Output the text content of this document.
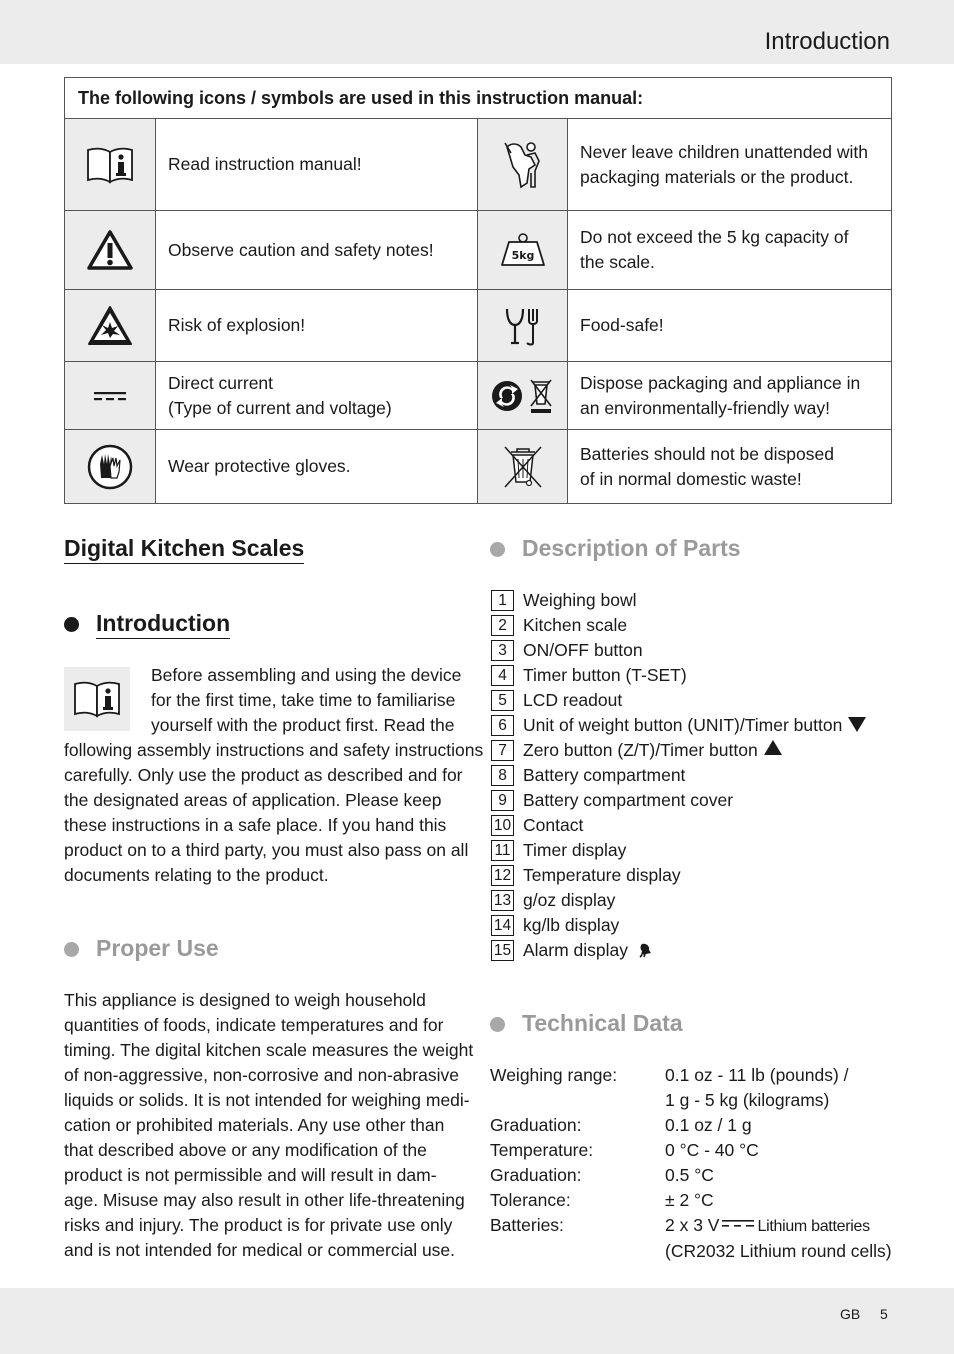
Introduction
The following icons / symbols are used in this instruction manual:			

Read instruction manual!		Never leave children unattended with
packaging materials or the product.

Observe caution and safety notes!	5kg	Do not exceed the 5 kg capacity of
the scale.

Risk of explosion!		Food-safe!

Direct current
(Type of current and voltage)		Dispose packaging and appliance in
an environmentally-friendly way!

Wear protective gloves.		Batteries should not be disposed
of in normal domestic waste!
Digital Kitchen Scales
Introduction
Before assembling and using the device
for the first time, take time to familiarise
yourself with the product first. Read the
following assembly instructions and safety instructions
carefully. Only use the product as described and for
the designated areas of application. Please keep
these instructions in a safe place. If you hand this
product on to a third party, you must also pass on all
documents relating to the product.
Proper Use
This appliance is designed to weigh household
quantities of foods, indicate temperatures and for
timing. The digital kitchen scale measures the weight
of non-aggressive, non-corrosive and non-abrasive
liquids or solids. It is not intended for weighing medi-
cation or prohibited materials. Any use other than
that described above or any modification of the
product is not permissible and will result in dam-
age. Misuse may also result in other life-threatening
risks and injury. The product is for private use only
and is not intended for medical or commercial use.
Description of Parts
1 Weighing bowl
2 Kitchen scale
3 ON/OFF button
4 Timer button (T-SET)
5 LCD readout
6 Unit of weight button (UNIT)/Timer button
7 Zero button (Z/T)/Timer button
8 Battery compartment
9 Battery compartment cover
10 Contact
11 Timer display
12 Temperature display
13 g/oz display
14 kg/lb display
15 Alarm display
Technical Data
Weighing range:	0.1 oz - 11 lb (pounds) /
1 g - 5 kg (kilograms)
Graduation:	0.1 oz / 1 g
Temperature:	0 °C - 40 °C
Graduation:	0.5 °C
Tolerance:	± 2 °C
Batteries:	2 x 3 V Lithium batteries
(CR2032 Lithium round cells)
GB 5
